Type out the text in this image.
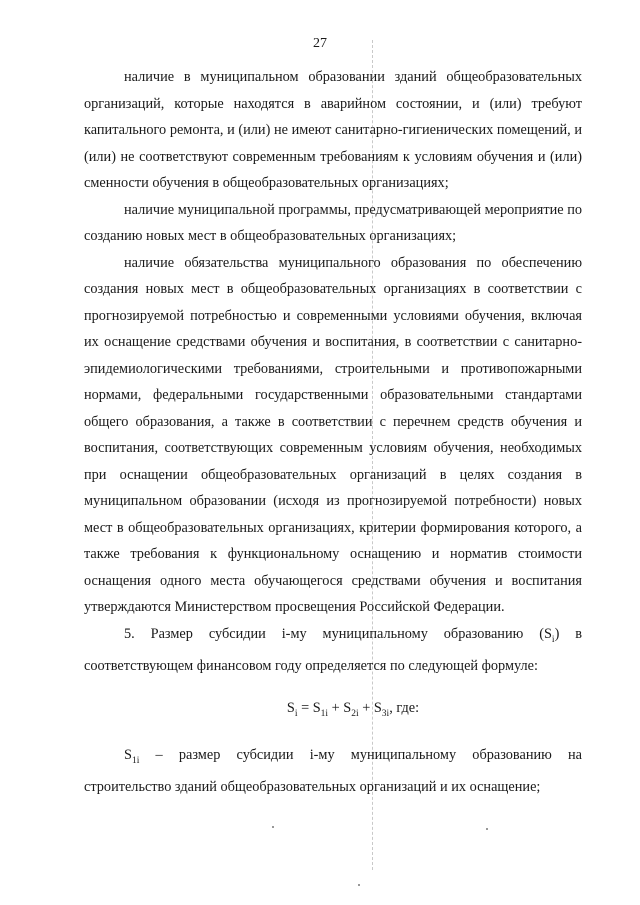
27

наличие в муниципальном образовании зданий общеобразовательных организаций, которые находятся в аварийном состоянии, и (или) требуют капитального ремонта, и (или) не имеют санитарно-гигиенических помещений, и (или) не соответствуют современным требованиям к условиям обучения и (или) сменности обучения в общеобразовательных организациях;

наличие муниципальной программы, предусматривающей мероприятие по созданию новых мест в общеобразовательных организациях;

наличие обязательства муниципального образования по обеспечению создания новых мест в общеобразовательных организациях в соответствии с прогнозируемой потребностью и современными условиями обучения, включая их оснащение средствами обучения и воспитания, в соответствии с санитарно-эпидемиологическими требованиями, строительными и противопожарными нормами, федеральными государственными образовательными стандартами общего образования, а также в соответствии с перечнем средств обучения и воспитания, соответствующих современным условиям обучения, необходимых при оснащении общеобразовательных организаций в целях создания в муниципальном образовании (исходя из прогнозируемой потребности) новых мест в общеобразовательных организациях, критерии формирования которого, а также требования к функциональному оснащению и норматив стоимости оснащения одного места обучающегося средствами обучения и воспитания утверждаются Министерством просвещения Российской Федерации.

5. Размер субсидии i-му муниципальному образованию $(S_i)$ в соответствующем финансовом году определяется по следующей формуле:

$S_i = S_{1i} + S_{2i} + S_{3i}$, где:

$S_{1i}$ – размер субсидии i-му муниципальному образованию на строительство зданий общеобразовательных организаций и их оснащение;
